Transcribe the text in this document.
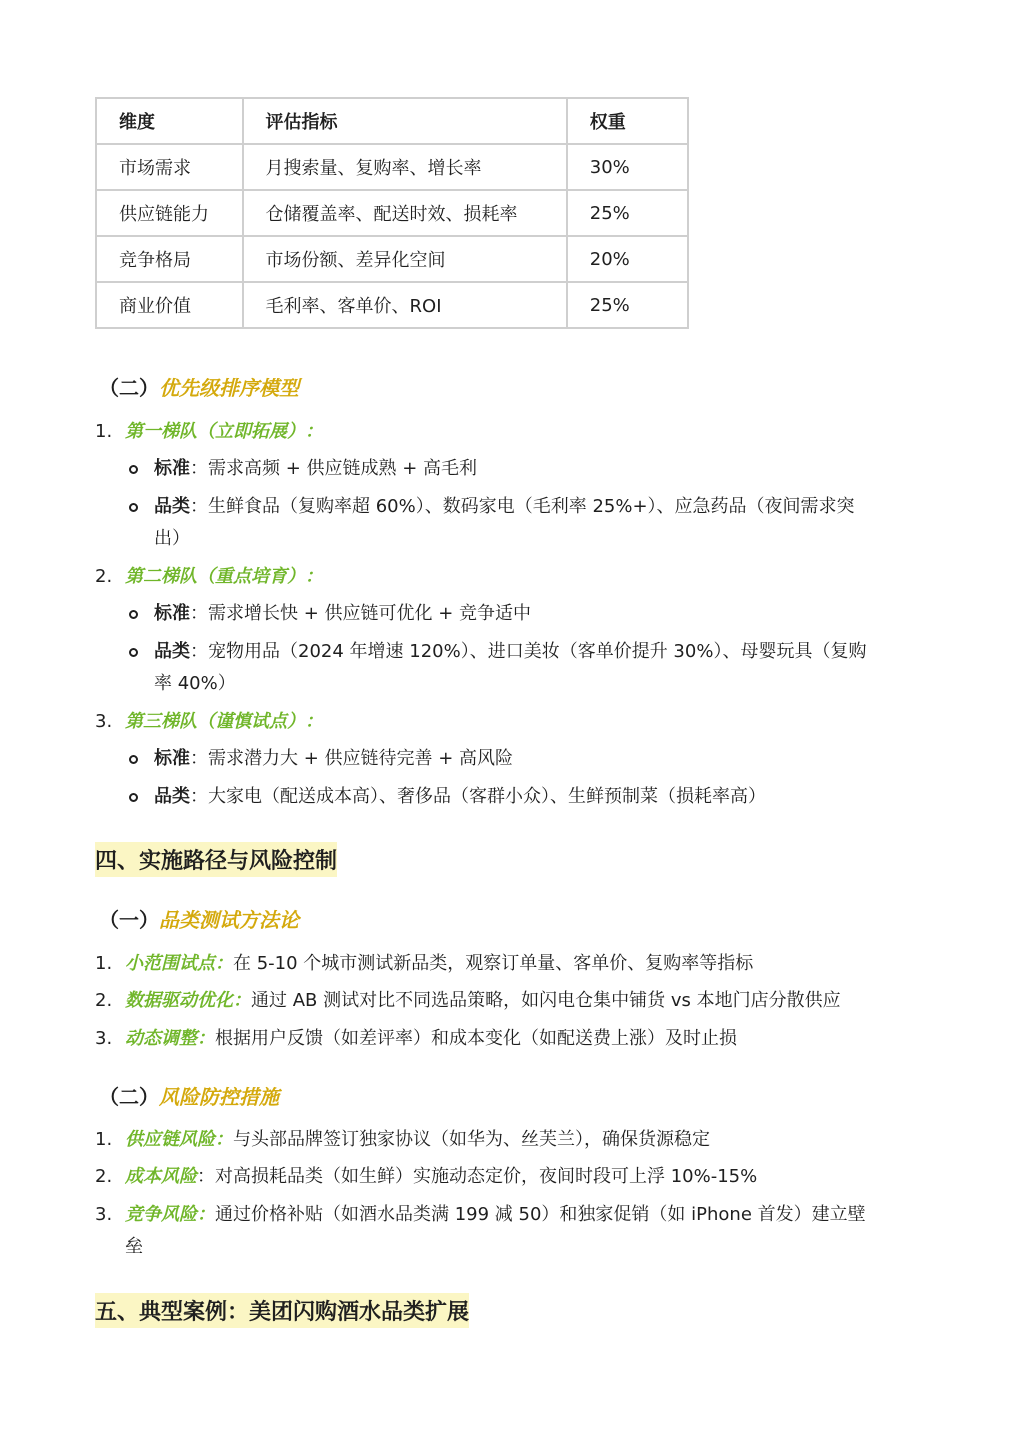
维度	评估指标	权重
市场需求	月搜索量、复购率、增长率	30%
供应链能力	仓储覆盖率、配送时效、损耗率	25%
竞争格局	市场份额、差异化空间	20%
商业价值	毛利率、客单价、ROI	25%
（二）优先级排序模型
1. 第一梯队（立即拓展）：
标准：需求高频 + 供应链成熟 + 高毛利
品类：生鲜食品（复购率超 60%）、数码家电（毛利率 25%+）、应急药品（夜间需求突
出）
2. 第二梯队（重点培育）：
标准：需求增长快 + 供应链可优化 + 竞争适中
品类：宠物用品（2024 年增速 120%）、进口美妆（客单价提升 30%）、母婴玩具（复购
率 40%）
3. 第三梯队（谨慎试点）：
标准：需求潜力大 + 供应链待完善 + 高风险
品类：大家电（配送成本高）、奢侈品（客群小众）、生鲜预制菜（损耗率高）
四、实施路径与风险控制
（一）品类测试方法论
1. 小范围试点：在 5-10 个城市测试新品类，观察订单量、客单价、复购率等指标
2. 数据驱动优化：通过 AB 测试对比不同选品策略，如闪电仓集中铺货 vs 本地门店分散供应
3. 动态调整：根据用户反馈（如差评率）和成本变化（如配送费上涨）及时止损
（二）风险防控措施
1. 供应链风险：与头部品牌签订独家协议（如华为、丝芙兰），确保货源稳定
2. 成本风险：对高损耗品类（如生鲜）实施动态定价，夜间时段可上浮 10%-15%
3. 竞争风险：通过价格补贴（如酒水品类满 199 减 50）和独家促销（如 iPhone 首发）建立壁
垒
五、典型案例：美团闪购酒水品类扩展
